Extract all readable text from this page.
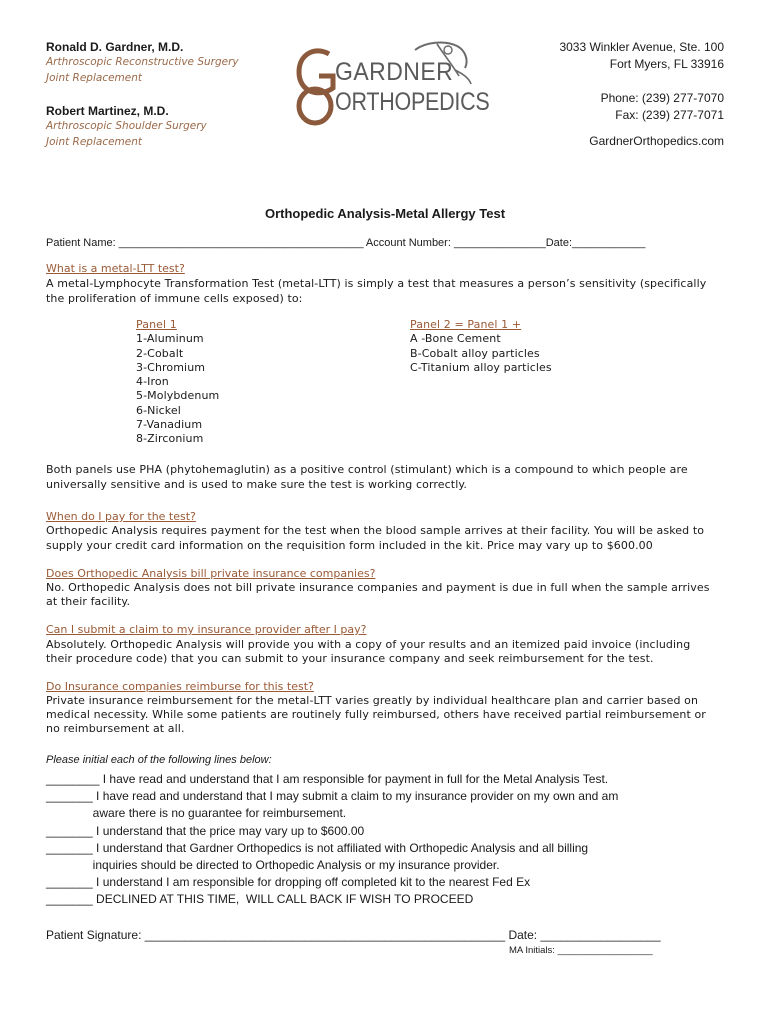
Ronald D. Gardner, M.D.
Arthroscopic Reconstructive Surgery
Joint Replacement
Robert Martinez, M.D.
Arthroscopic Shoulder Surgery
Joint Replacement
GARDNER
ORTHOPEDICS
3033 Winkler Avenue, Ste. 100
Fort Myers, FL 33916
Phone: (239) 277-7070
Fax: (239) 277-7071
GardnerOrthopedics.com
Orthopedic Analysis-Metal Allergy Test
Patient Name: ________________________________________ Account Number: _______________Date:____________
What is a metal-LTT test?
A metal-Lymphocyte Transformation Test (metal-LTT) is simply a test that measures a person’s sensitivity (specifically
the proliferation of immune cells exposed) to:
Panel 1
1-Aluminum
2-Cobalt
3-Chromium
4-Iron
5-Molybdenum
6-Nickel
7-Vanadium
8-Zirconium
Panel 2 = Panel 1 +
A -Bone Cement
B-Cobalt alloy particles
C-Titanium alloy particles
Both panels use PHA (phytohemaglutin) as a positive control (stimulant) which is a compound to which people are
universally sensitive and is used to make sure the test is working correctly.
When do I pay for the test?
Orthopedic Analysis requires payment for the test when the blood sample arrives at their facility. You will be asked to
supply your credit card information on the requisition form included in the kit. Price may vary up to $600.00
Does Orthopedic Analysis bill private insurance companies?
No. Orthopedic Analysis does not bill private insurance companies and payment is due in full when the sample arrives
at their facility.
Can I submit a claim to my insurance provider after I pay?
Absolutely. Orthopedic Analysis will provide you with a copy of your results and an itemized paid invoice (including
their procedure code) that you can submit to your insurance company and seek reimbursement for the test.
Do Insurance companies reimburse for this test?
Private insurance reimbursement for the metal-LTT varies greatly by individual healthcare plan and carrier based on
medical necessity. While some patients are routinely fully reimbursed, others have received partial reimbursement or
no reimbursement at all.
Please initial each of the following lines below:
________ I have read and understand that I am responsible for payment in full for the Metal Analysis Test.
_______ I have read and understand that I may submit a claim to my insurance provider on my own and am
aware there is no guarantee for reimbursement.
_______ I understand that the price may vary up to $600.00
_______ I understand that Gardner Orthopedics is not affiliated with Orthopedic Analysis and all billing
inquiries should be directed to Orthopedic Analysis or my insurance provider.
_______ I understand I am responsible for dropping off completed kit to the nearest Fed Ex
_______ DECLINED AT THIS TIME,  WILL CALL BACK IF WISH TO PROCEED
Patient Signature: ______________________________________________________ Date: __________________
MA Initials: __________________
